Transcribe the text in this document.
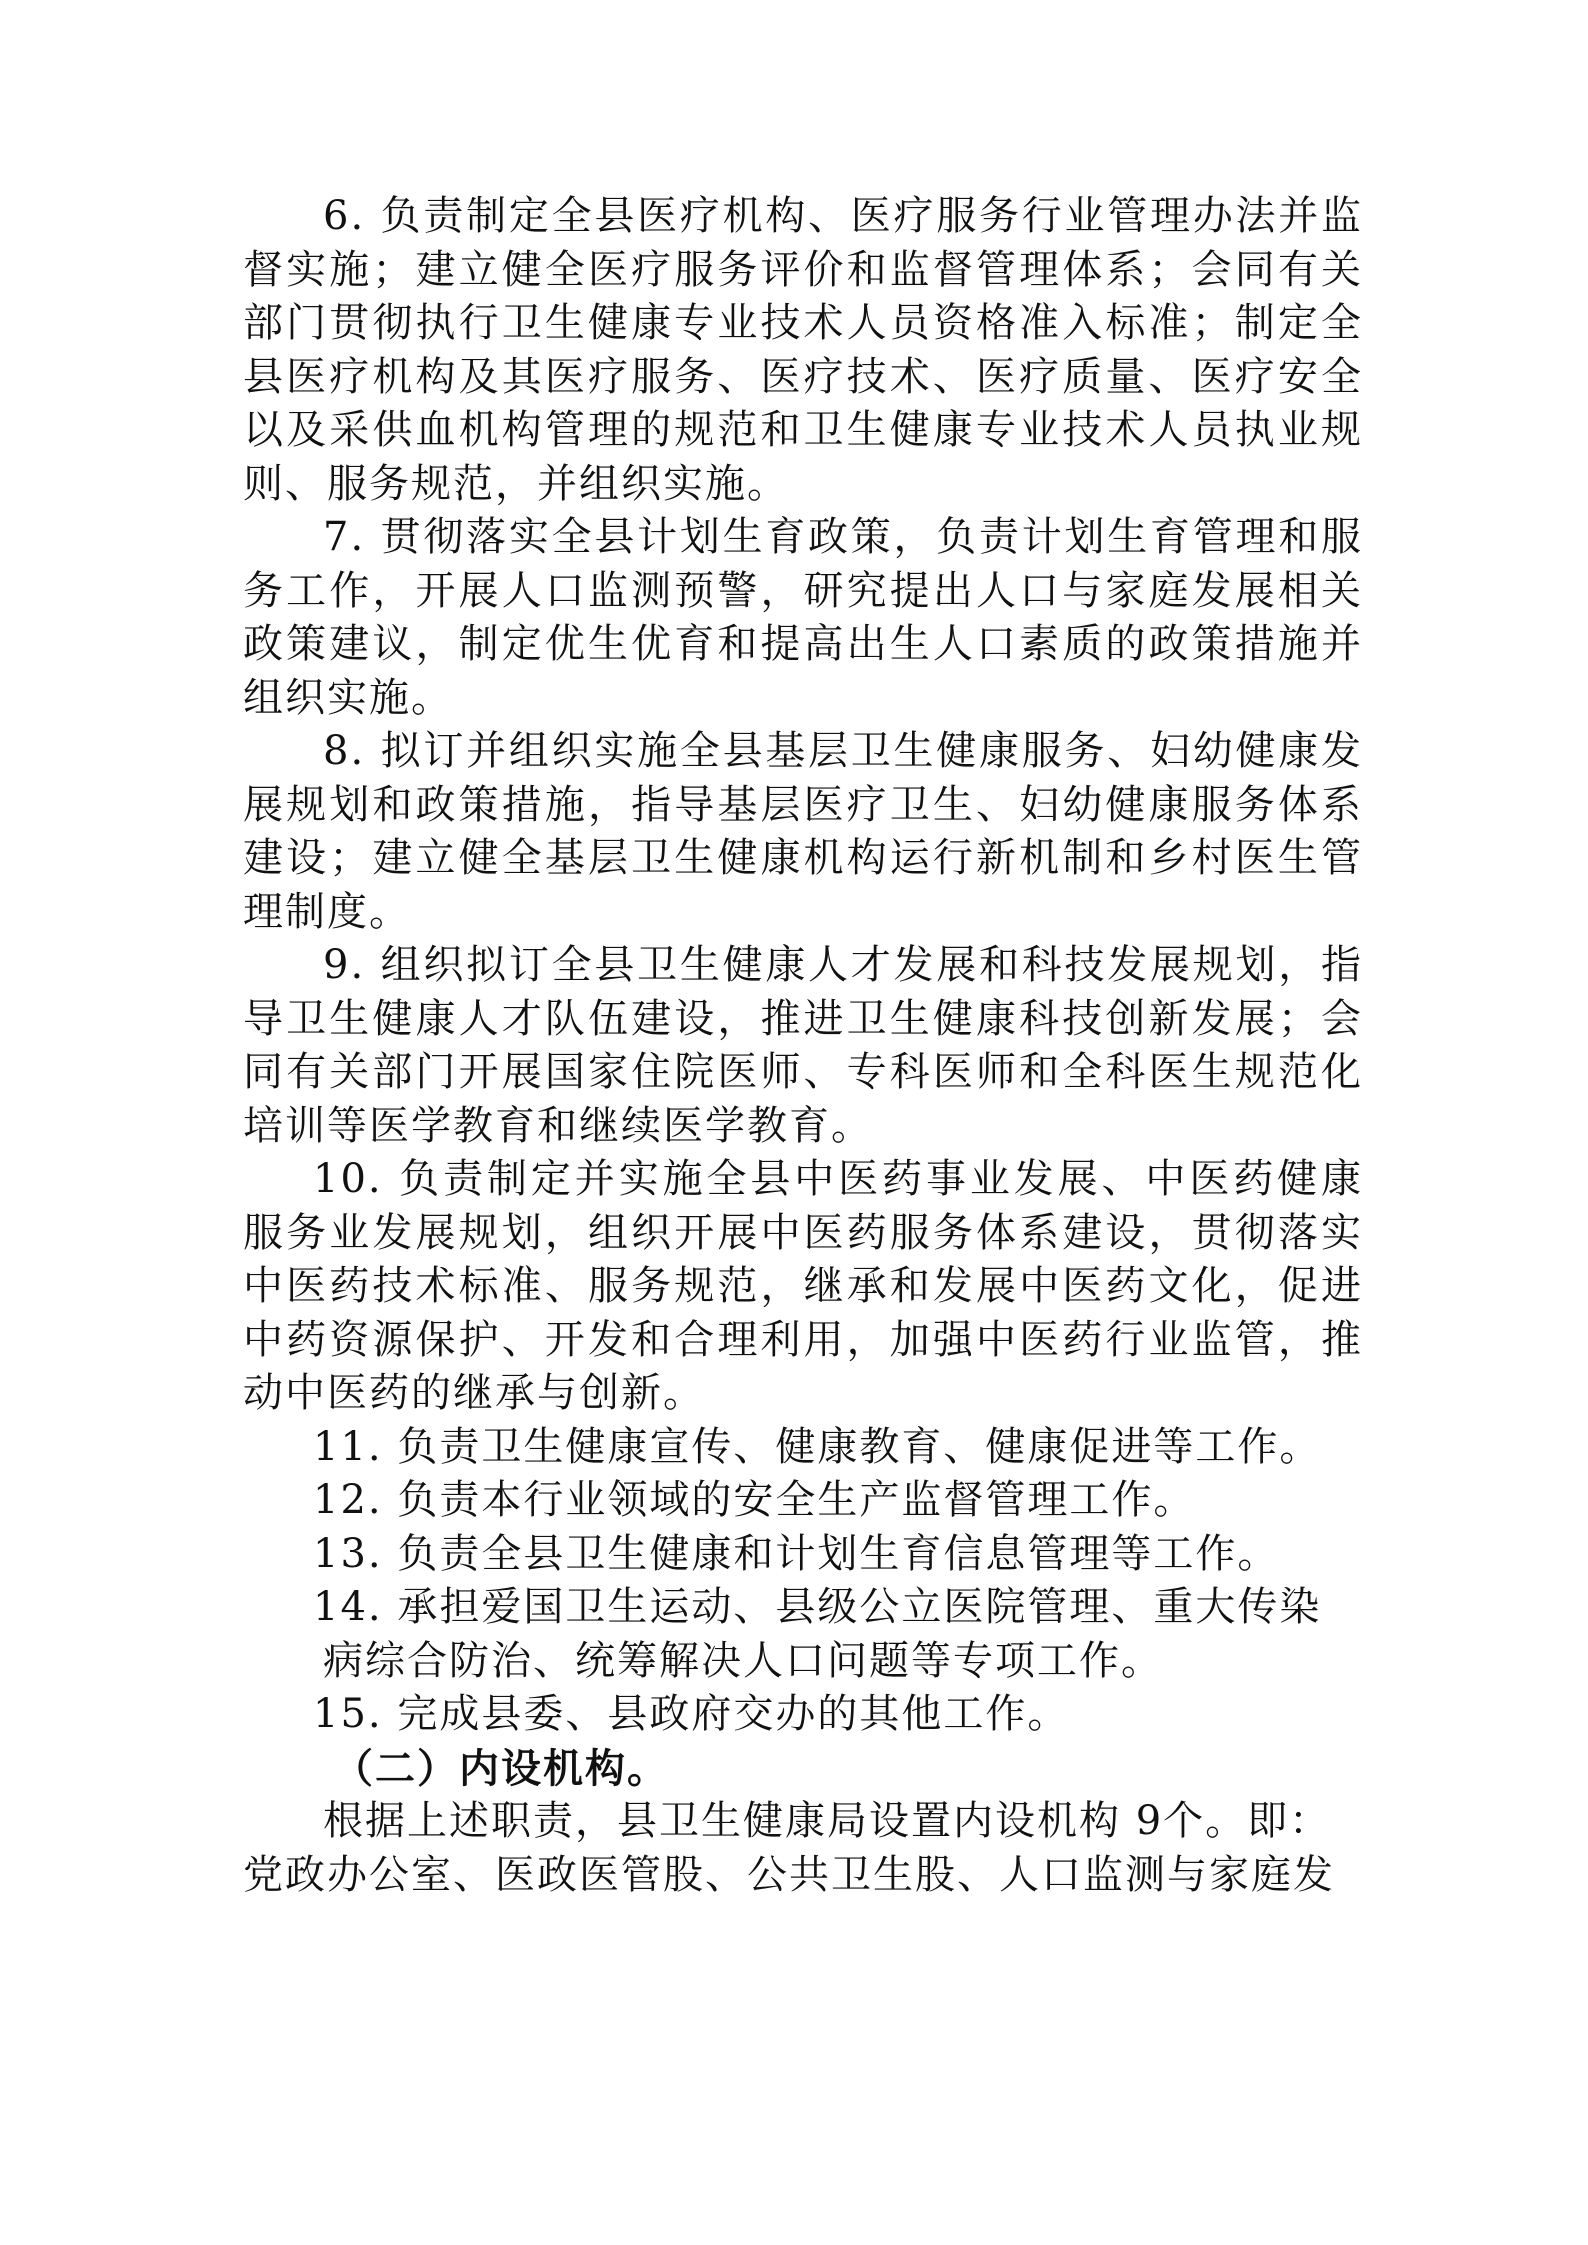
6. 负责制定全县医疗机构、医疗服务行业管理办法并监督实施；建立健全医疗服务评价和监督管理体系；会同有关部门贯彻执行卫生健康专业技术人员资格准入标准；制定全县医疗机构及其医疗服务、医疗技术、医疗质量、医疗安全以及采供血机构管理的规范和卫生健康专业技术人员执业规则、服务规范，并组织实施。

7. 贯彻落实全县计划生育政策，负责计划生育管理和服务工作，开展人口监测预警，研究提出人口与家庭发展相关政策建议，制定优生优育和提高出生人口素质的政策措施并组织实施。

8. 拟订并组织实施全县基层卫生健康服务、妇幼健康发展规划和政策措施，指导基层医疗卫生、妇幼健康服务体系建设；建立健全基层卫生健康机构运行新机制和乡村医生管理制度。

9. 组织拟订全县卫生健康人才发展和科技发展规划，指导卫生健康人才队伍建设，推进卫生健康科技创新发展；会同有关部门开展国家住院医师、专科医师和全科医生规范化培训等医学教育和继续医学教育。

10. 负责制定并实施全县中医药事业发展、中医药健康服务业发展规划，组织开展中医药服务体系建设，贯彻落实中医药技术标准、服务规范，继承和发展中医药文化，促进中药资源保护、开发和合理利用，加强中医药行业监管，推动中医药的继承与创新。

11. 负责卫生健康宣传、健康教育、健康促进等工作。

12. 负责本行业领域的安全生产监督管理工作。

13. 负责全县卫生健康和计划生育信息管理等工作。

14. 承担爱国卫生运动、县级公立医院管理、重大传染

病综合防治、统筹解决人口问题等专项工作。

15. 完成县委、县政府交办的其他工作。

（二）内设机构。

根据上述职责，县卫生健康局设置内设机构 9个。即：

党政办公室、医政医管股、公共卫生股、人口监测与家庭发
